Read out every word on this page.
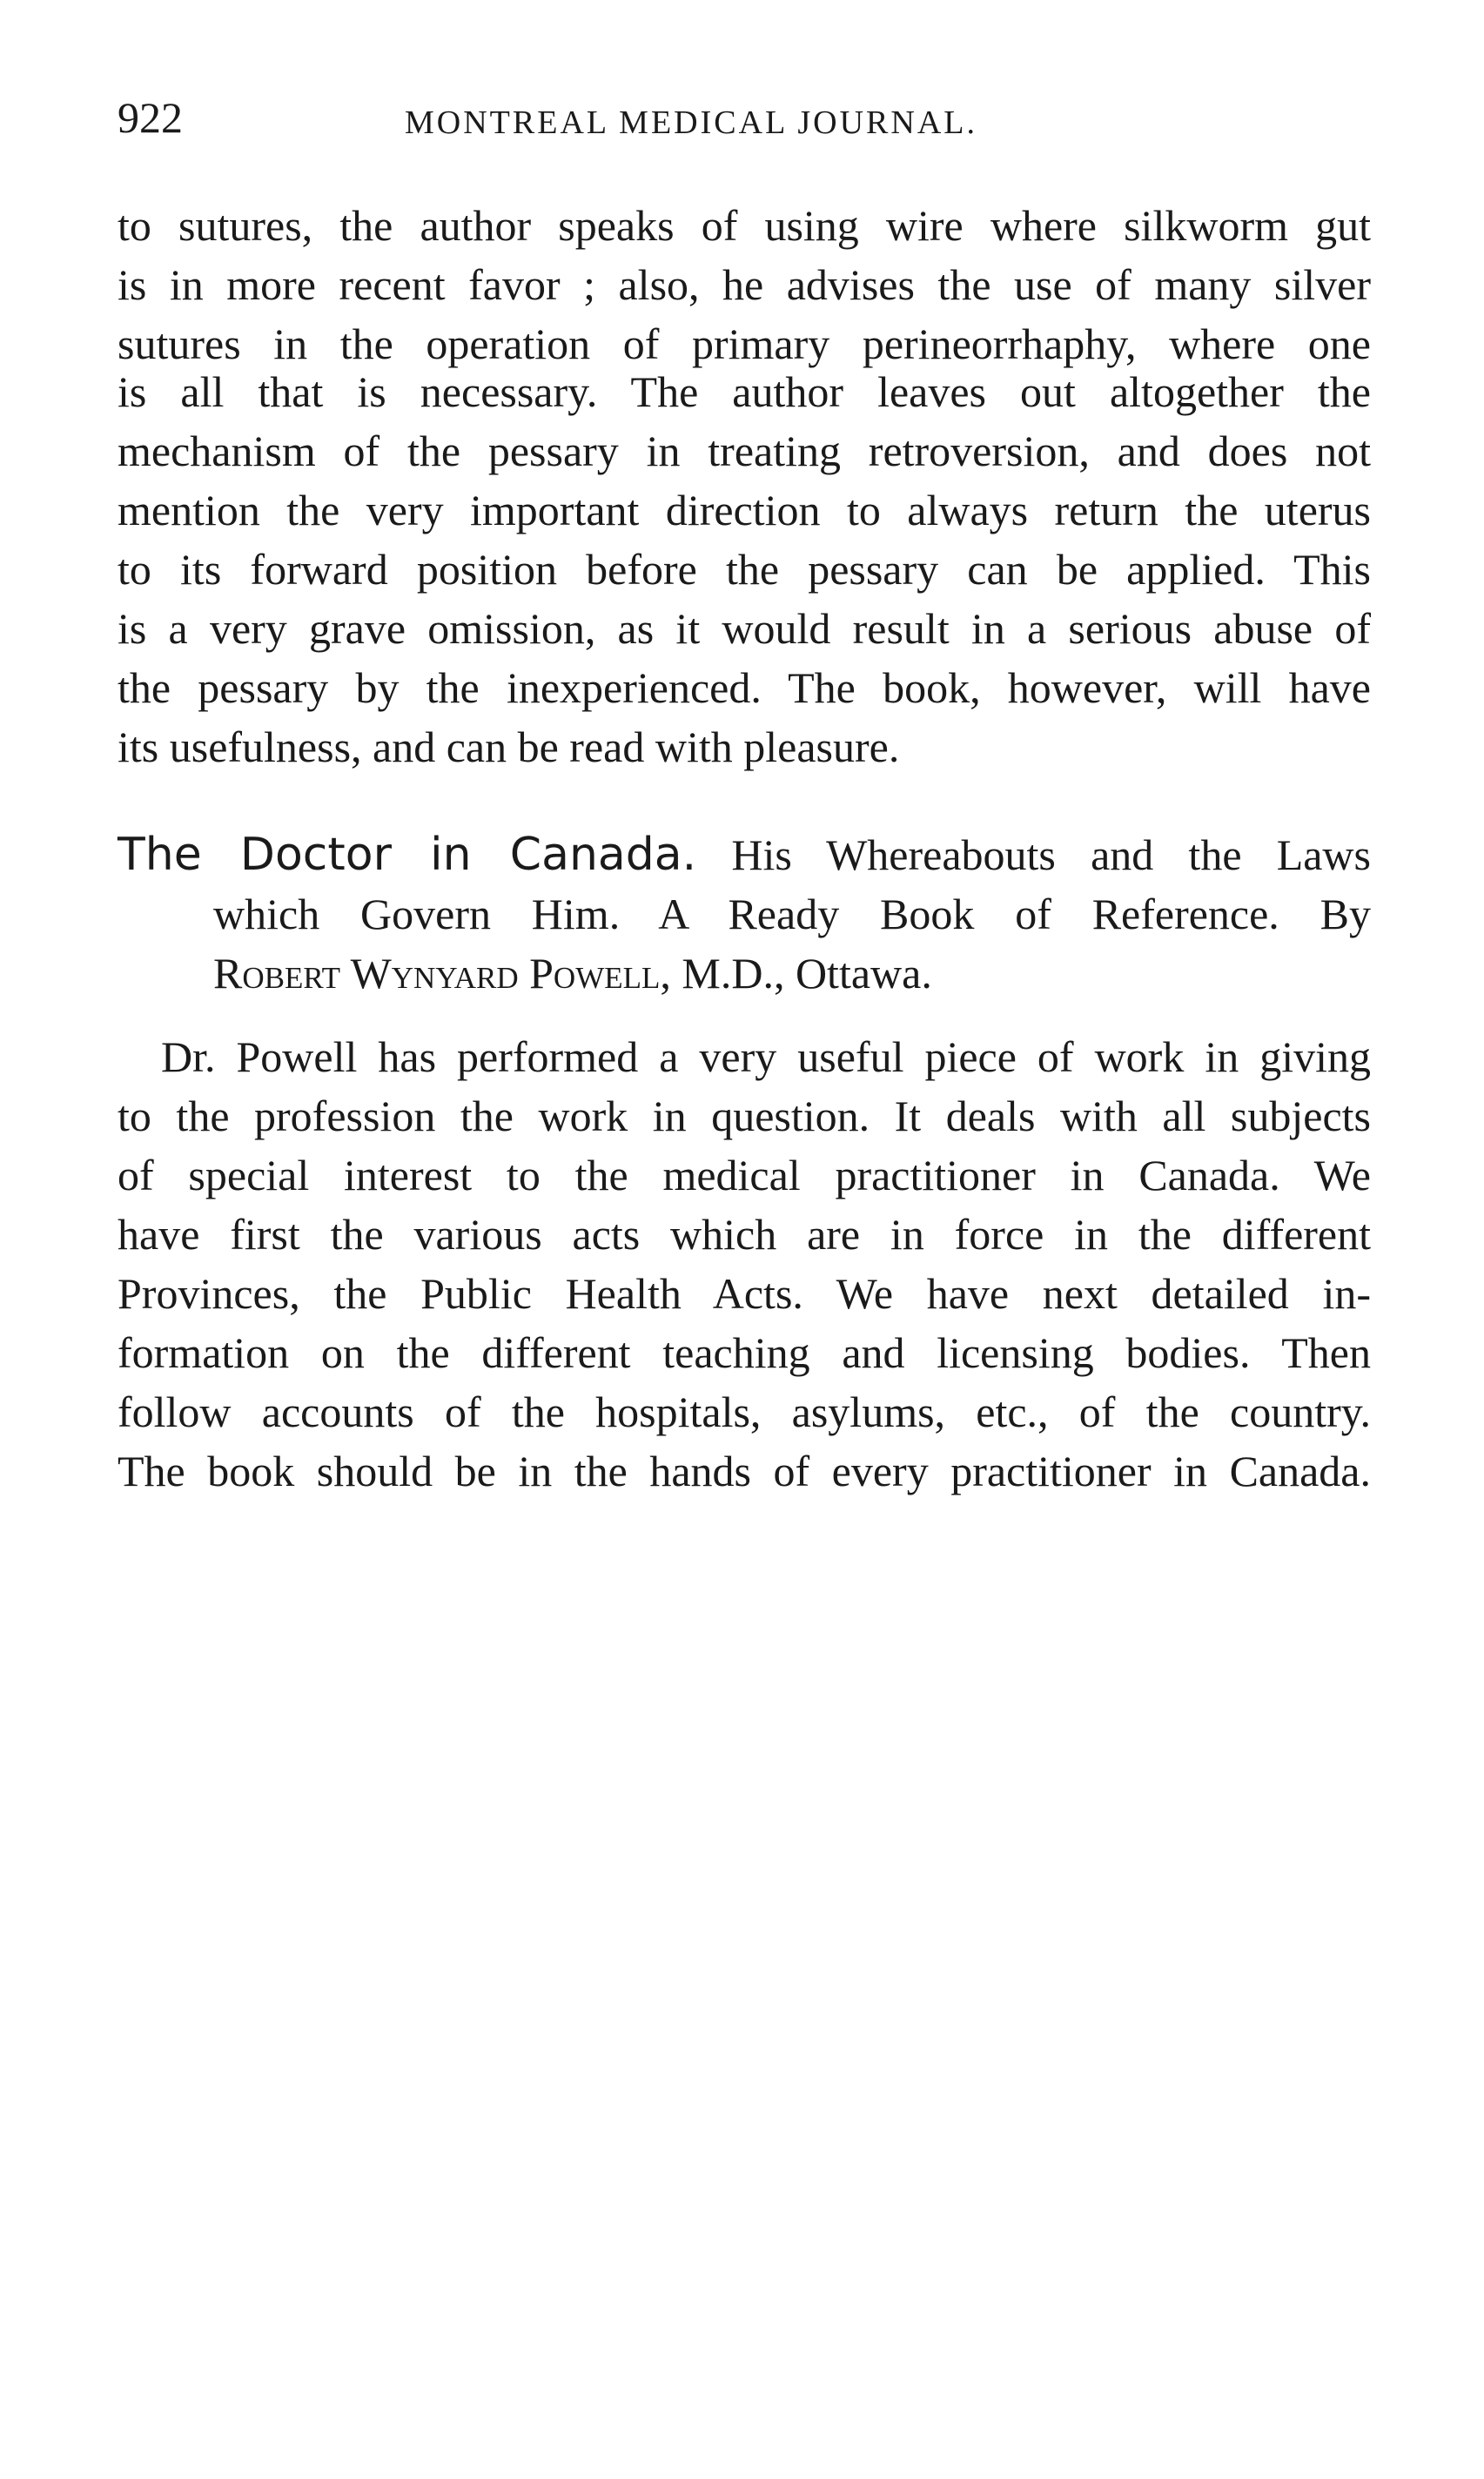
922	MONTREAL MEDICAL JOURNAL.
to sutures, the author speaks of using wire where silkworm gut
is in more recent favor ; also, he advises the use of many silver
sutures in the operation of primary perineorrhaphy, where one
is all that is necessary. The author leaves out altogether the
mechanism of the pessary in treating retroversion, and does not
mention the very important direction to always return the uterus
to its forward position before the pessary can be applied. This
is a very grave omission, as it would result in a serious abuse of
the pessary by the inexperienced. The book, however, will have
its usefulness, and can be read with pleasure.
The Doctor in Canada. His Whereabouts and the Laws
which Govern Him. A Ready Book of Reference. By
Robert Wynyard Powell, M.D., Ottawa.
Dr. Powell has performed a very useful piece of work in giving
to the profession the work in question. It deals with all subjects
of special interest to the medical practitioner in Canada. We
have first the various acts which are in force in the different
Provinces, the Public Health Acts. We have next detailed in-
formation on the different teaching and licensing bodies. Then
follow accounts of the hospitals, asylums, etc., of the country.
The book should be in the hands of every practitioner in Canada.
